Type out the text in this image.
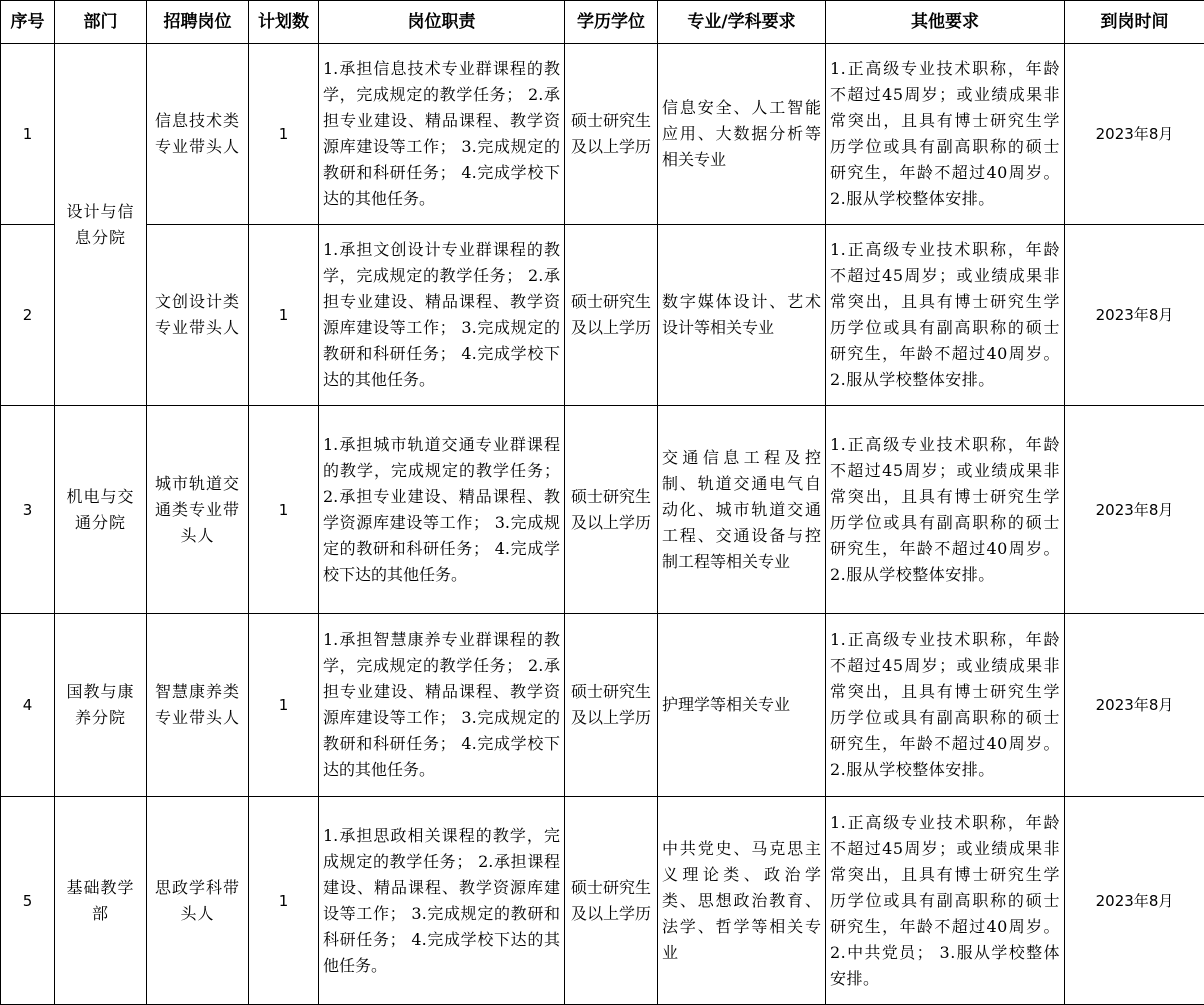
序号	部门	招聘岗位	计划数	岗位职责	学历学位	专业/学科要求	其他要求	到岗时间
1	设计与信息分院	信息技术类专业带头人	1	1.承担信息技术专业群课程的教学，完成规定的教学任务； 2.承担专业建设、精品课程、教学资源库建设等工作； 3.完成规定的教研和科研任务； 4.完成学校下达的其他任务。	硕士研究生及以上学历	信息安全、人工智能应用、大数据分析等相关专业	1.正高级专业技术职称，年龄不超过45周岁；或业绩成果非常突出，且具有博士研究生学历学位或具有副高职称的硕士研究生，年龄不超过40周岁。 2.服从学校整体安排。	2023年8月
2		文创设计类专业带头人	1	1.承担文创设计专业群课程的教学，完成规定的教学任务； 2.承担专业建设、精品课程、教学资源库建设等工作； 3.完成规定的教研和科研任务； 4.完成学校下达的其他任务。	硕士研究生及以上学历	数字媒体设计、艺术设计等相关专业	1.正高级专业技术职称，年龄不超过45周岁；或业绩成果非常突出，且具有博士研究生学历学位或具有副高职称的硕士研究生，年龄不超过40周岁。 2.服从学校整体安排。	2023年8月
3	机电与交通分院	城市轨道交通类专业带头人	1	1.承担城市轨道交通专业群课程的教学，完成规定的教学任务； 2.承担专业建设、精品课程、教学资源库建设等工作； 3.完成规定的教研和科研任务； 4.完成学校下达的其他任务。	硕士研究生及以上学历	交通信息工程及控制、轨道交通电气自动化、城市轨道交通工程、交通设备与控制工程等相关专业	1.正高级专业技术职称，年龄不超过45周岁；或业绩成果非常突出，且具有博士研究生学历学位或具有副高职称的硕士研究生，年龄不超过40周岁。 2.服从学校整体安排。	2023年8月
4	国教与康养分院	智慧康养类专业带头人	1	1.承担智慧康养专业群课程的教学，完成规定的教学任务； 2.承担专业建设、精品课程、教学资源库建设等工作； 3.完成规定的教研和科研任务； 4.完成学校下达的其他任务。	硕士研究生及以上学历	护理学等相关专业	1.正高级专业技术职称，年龄不超过45周岁；或业绩成果非常突出，且具有博士研究生学历学位或具有副高职称的硕士研究生，年龄不超过40周岁。 2.服从学校整体安排。	2023年8月
5	基础教学部	思政学科带头人	1	1.承担思政相关课程的教学，完成规定的教学任务； 2.承担课程建设、精品课程、教学资源库建设等工作； 3.完成规定的教研和科研任务； 4.完成学校下达的其他任务。	硕士研究生及以上学历	中共党史、马克思主义理论类、政治学类、思想政治教育、法学、哲学等相关专业	1.正高级专业技术职称，年龄不超过45周岁；或业绩成果非常突出，且具有博士研究生学历学位或具有副高职称的硕士研究生，年龄不超过40周岁。 2.中共党员； 3.服从学校整体安排。	2023年8月
